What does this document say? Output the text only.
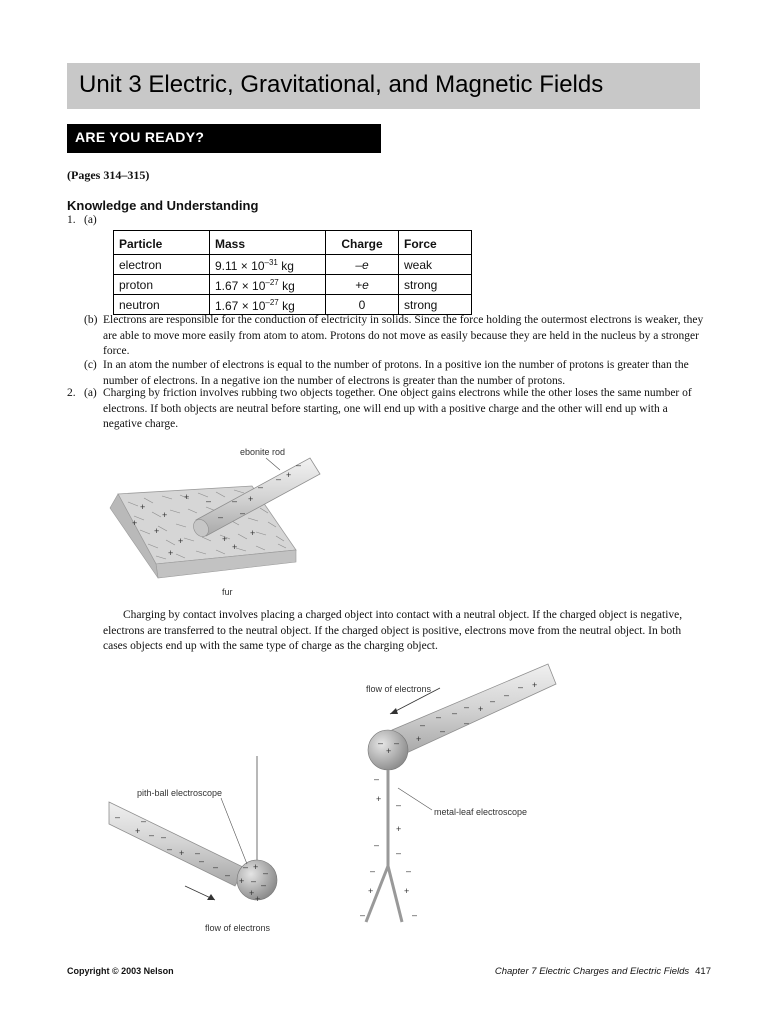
Unit 3 Electric, Gravitational, and Magnetic Fields
ARE YOU READY?
(Pages 314–315)
Knowledge and Understanding
1. (a)
Particle	Mass	Charge	Force
electron	$9.11 \times 10^{-31}$ kg	–e	weak
proton	$1.67 \times 10^{-27}$ kg	+e	strong
neutron	$1.67 \times 10^{-27}$ kg	0	strong
(b) Electrons are responsible for the conduction of electricity in solids. Since the force holding the outermost electrons is weaker, they are able to move more easily from atom to atom. Protons do not move as easily because they are held in the nucleus by a stronger force.
(c) In an atom the number of electrons is equal to the number of protons. In a positive ion the number of protons is greater than the number of electrons. In a negative ion the number of electrons is greater than the number of protons.
2. (a) Charging by friction involves rubbing two objects together. One object gains electrons while the other loses the same number of electrons. If both objects are neutral before starting, one will end up with a positive charge and the other will end up with a negative charge.
+
+
+
+	+
+
+ –
+
+
+
–
– +
–
– +
–
–
ebonite rod
fur
Charging by contact involves placing a charged object into contact with a neutral object. If the charged object is negative, electrons are transferred to the neutral object. If the charged object is positive, electrons move from the neutral object. In both cases objects end up with the same type of charge as the charging object.
–
– –
– +
–
–
– +
+
–
–
–
+
–
–
+
–
+
–
–
–
+	+
–
–	–
flow of electrons
metal-leaf electroscope
–
+ –
– +
–
–
–
–
–
–
– +
–
+ – –
+
+
pith-ball electroscope
flow of electrons
Copyright © 2003 Nelson	Chapter 7 Electric Charges and Electric Fields 417
